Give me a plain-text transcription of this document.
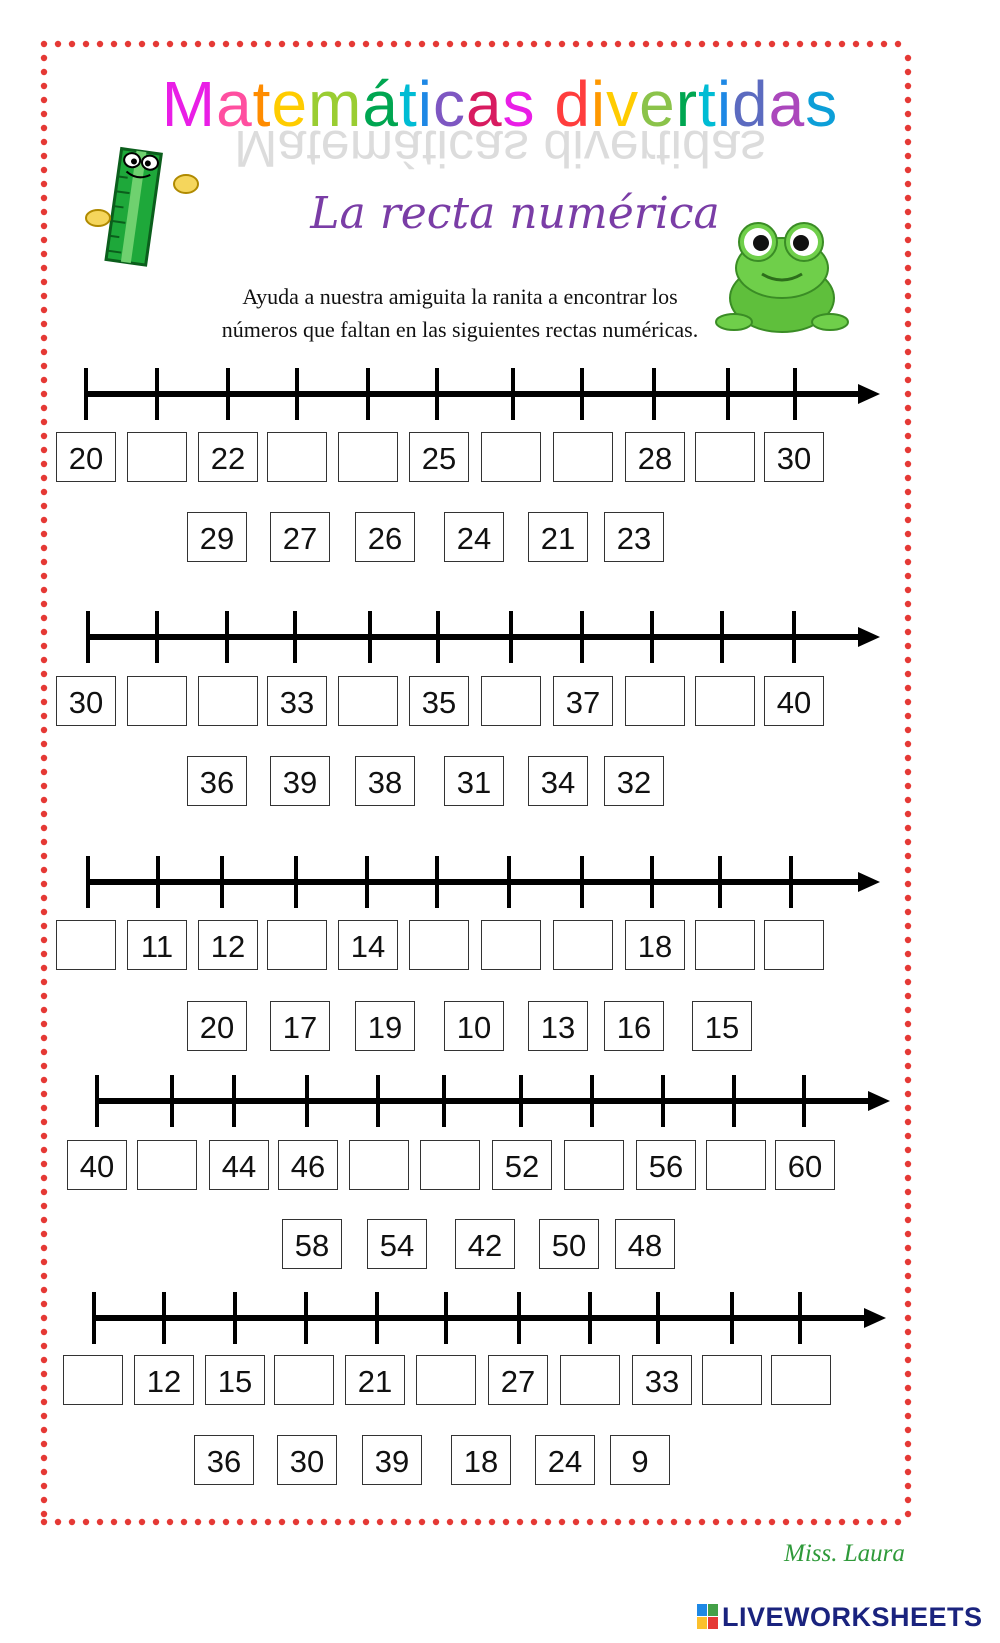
Matemáticas divertidas
Matemáticas divertidas
La recta numérica
Ayuda a nuestra amiguita la ranita a encontrar los
números que faltan en las siguientes rectas numéricas.
20	22	25	28	30
29	27	26	24	21	23
30	33	35	37	40
36	39	38	31	34	32
11	12	14	18
20	17	19	10	13	16	15
40	44	46	52	56	60
58	54	42	50	48
12	15	21	27	33
36	30	39	18	24	9
Miss. Laura
LIVEWORKSHEETS
